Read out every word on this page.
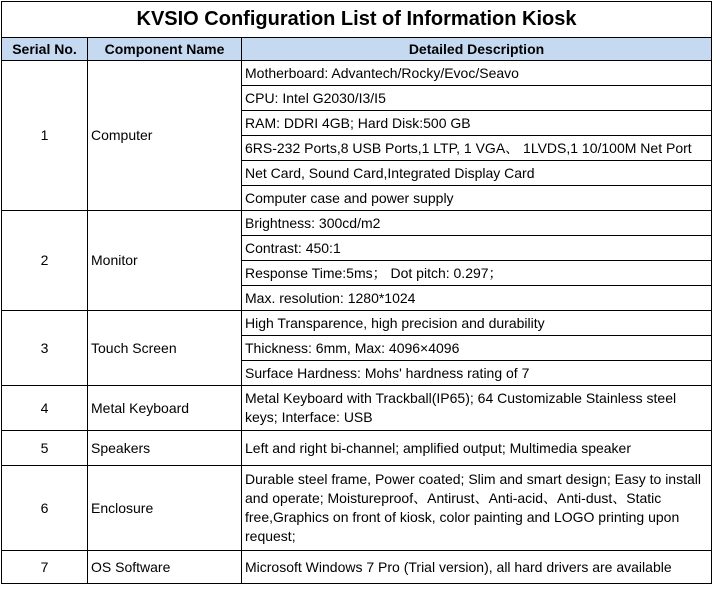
KVSIO Configuration List of Information Kiosk		
Serial No.	Component Name	Detailed Description
1	Computer	Motherboard: Advantech/Rocky/Evoc/Seavo
		CPU: Intel G2030/I3/I5
		RAM: DDRI 4GB; Hard Disk:500 GB
		6RS-232 Ports,8 USB Ports,1 LTP, 1 VGA、 1LVDS,1 10/100M Net Port
		Net Card, Sound Card,Integrated Display Card
		Computer case and power supply
2	Monitor	Brightness: 300cd/m2
		Contrast: 450:1
		Response Time:5ms； Dot pitch: 0.297；
		Max. resolution: 1280*1024
3	Touch Screen	High Transparence, high precision and durability
		Thickness: 6mm, Max: 4096×4096
		Surface Hardness: Mohs' hardness rating of 7
4	Metal Keyboard	Metal Keyboard with Trackball(IP65); 64 Customizable Stainless steel keys; Interface: USB
5	Speakers	Left and right bi-channel; amplified output; Multimedia speaker
6	Enclosure	Durable steel frame, Power coated; Slim and smart design; Easy to install and operate; Moistureproof、Antirust、Anti-acid、Anti-dust、Static free,Graphics on front of kiosk, color painting and LOGO printing upon request;
7	OS Software	Microsoft Windows 7 Pro (Trial version), all hard drivers are available
